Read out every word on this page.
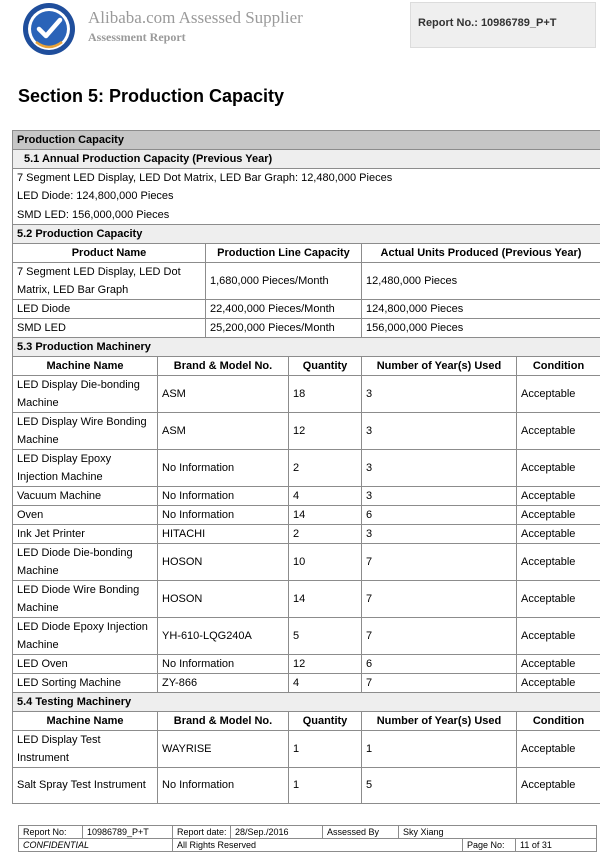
Alibaba.com Assessed Supplier
Assessment Report
Report No.: 10986789_P+T
Section 5: Production Capacity
Production Capacity					
5.1 Annual Production Capacity (Previous Year)					
7 Segment LED Display, LED Dot Matrix, LED Bar Graph: 12,480,000 Pieces					
LED Diode: 124,800,000 Pieces					
SMD LED: 156,000,000 Pieces					
5.2 Production Capacity					
Product Name		Production Line Capacity		Actual Units Produced (Previous Year)	
7 Segment LED Display, LED Dot Matrix, LED Bar Graph		1,680,000 Pieces/Month		12,480,000 Pieces	
LED Diode		22,400,000 Pieces/Month		124,800,000 Pieces	
SMD LED		25,200,000 Pieces/Month		156,000,000 Pieces	
5.3 Production Machinery					
Machine Name	Brand & Model No.		Quantity	Number of Year(s) Used	Condition
LED Display Die-bonding Machine	ASM		18	3	Acceptable
LED Display Wire Bonding Machine	ASM		12	3	Acceptable
LED Display Epoxy Injection Machine	No Information		2	3	Acceptable
Vacuum Machine	No Information		4	3	Acceptable
Oven	No Information		14	6	Acceptable
Ink Jet Printer	HITACHI		2	3	Acceptable
LED Diode Die-bonding Machine	HOSON		10	7	Acceptable
LED Diode Wire Bonding Machine	HOSON		14	7	Acceptable
LED Diode Epoxy Injection Machine	YH-610-LQG240A		5	7	Acceptable
LED Oven	No Information		12	6	Acceptable
LED Sorting Machine	ZY-866		4	7	Acceptable
5.4 Testing Machinery					
Machine Name	Brand & Model No.		Quantity	Number of Year(s) Used	Condition
LED Display Test Instrument	WAYRISE		1	1	Acceptable
Salt Spray Test Instrument	No Information		1	5	Acceptable
Report No:	10986789_P+T	Report date:	28/Sep./2016	Assessed By	Sky Xiang		
CONFIDENTIAL		All Rights Reserved				Page No:	11 of 31
